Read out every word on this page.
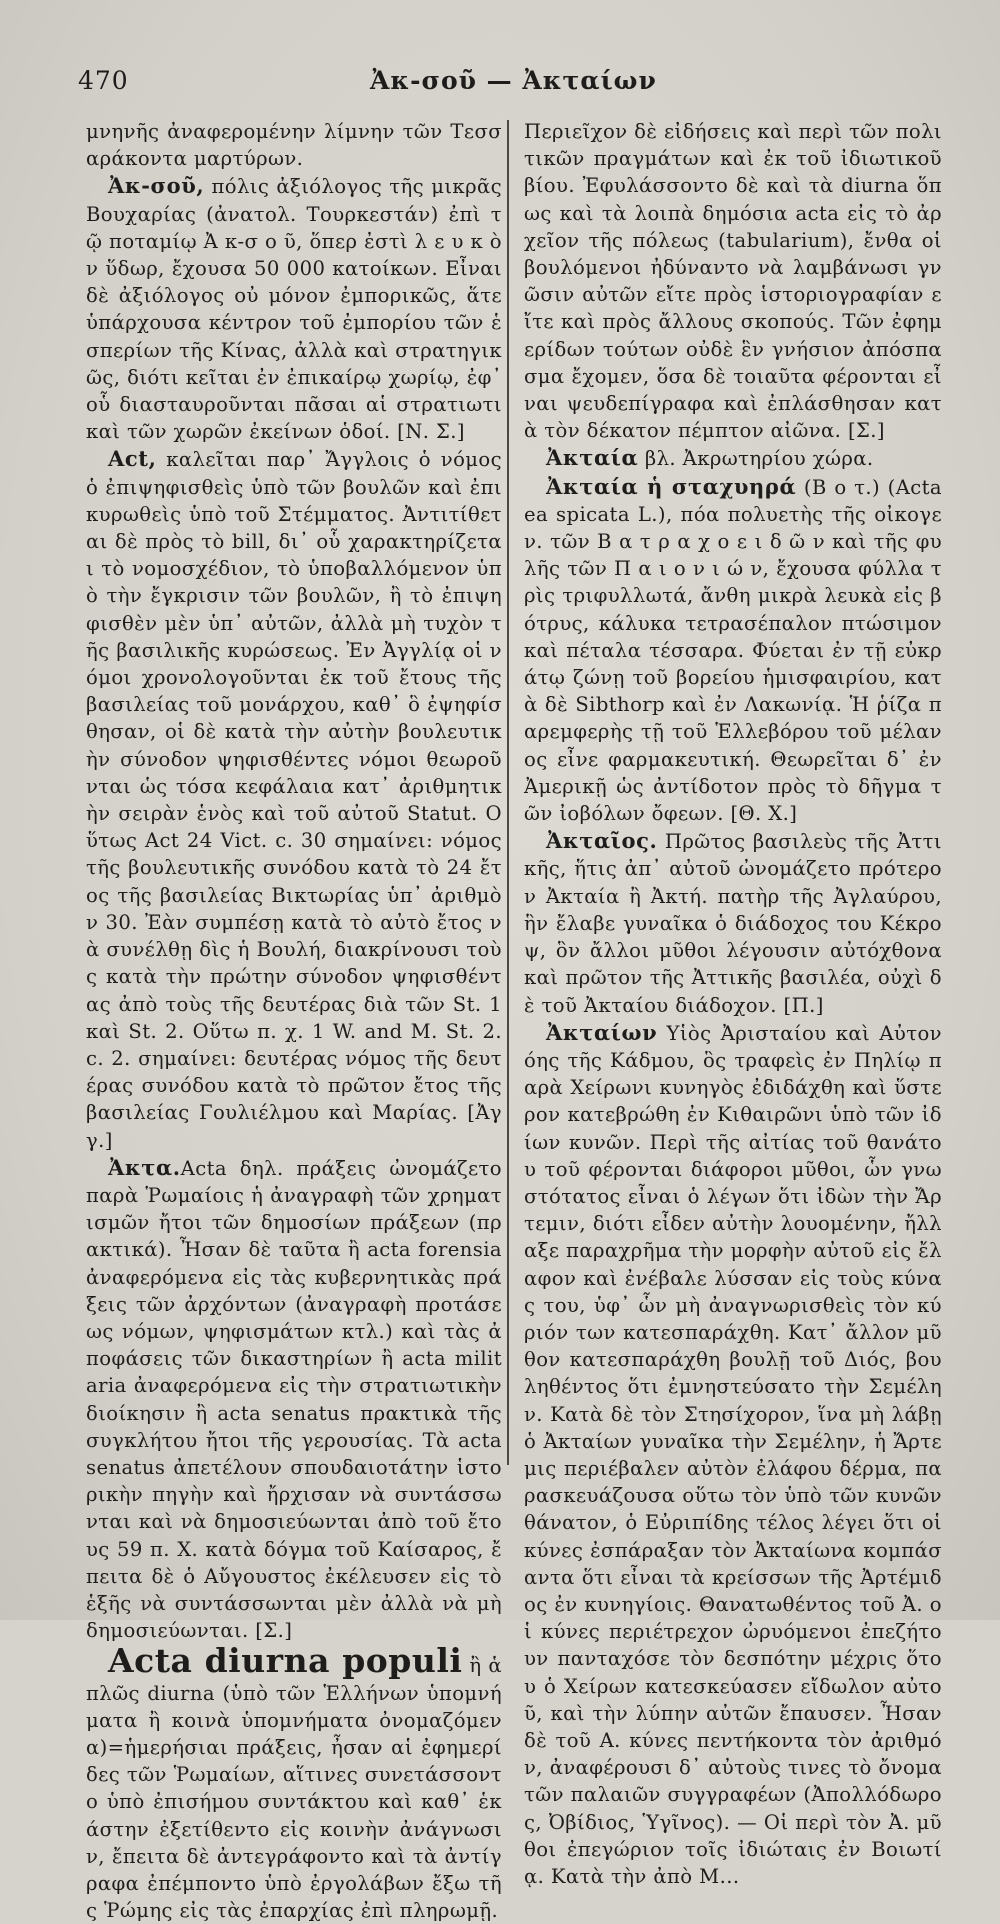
470	Ἀκ-σοῦ — Ἀκταίων

μνηνῆς ἀναφερομένην λίμνην τῶν Τεσσαράκοντα μαρτύρων.

Ἀκ-σοῦ, πόλις ἀξιόλογος τῆς μικρᾶς Βουχαρίας (ἀνατολ. Τουρκεστάν) ἐπὶ τῷ ποταμίῳ Ἀ κ-σ ο ῦ, ὅπερ ἐστὶ λ ε υ κ ὸ ν ὕδωρ, ἔχουσα 50 000 κατοίκων. Εἶναι δὲ ἀξιόλογος οὐ μόνον ἐμπορικῶς, ἅτε ὑπάρχουσα κέντρον τοῦ ἐμπορίου τῶν ἑσπερίων τῆς Κίνας, ἀλλὰ καὶ στρατηγικῶς, διότι κεῖται ἐν ἐπικαίρῳ χωρίῳ, ἐφ᾽ οὗ διασταυροῦνται πᾶσαι αἱ στρατιωτικαὶ τῶν χωρῶν ἐκείνων ὁδοί. [Ν. Σ.]

Act, καλεῖται παρ᾽ Ἄγγλοις ὁ νόμος ὁ ἐπιψηφισθεὶς ὑπὸ τῶν βουλῶν καὶ ἐπικυρωθεὶς ὑπὸ τοῦ Στέμματος. Ἀντιτίθεται δὲ πρὸς τὸ bill, δι᾽ οὗ χαρακτηρίζεται τὸ νομοσχέδιον, τὸ ὑποβαλλόμενον ὑπὸ τὴν ἔγκρισιν τῶν βουλῶν, ἢ τὸ ἐπιψηφισθὲν μὲν ὑπ᾽ αὐτῶν, ἀλλὰ μὴ τυχὸν τῆς βασιλικῆς κυρώσεως. Ἐν Ἀγγλίᾳ οἱ νόμοι χρονολογοῦνται ἐκ τοῦ ἔτους τῆς βασιλείας τοῦ μονάρχου, καθ᾽ ὃ ἐψηφίσθησαν, οἱ δὲ κατὰ τὴν αὐτὴν βουλευτικὴν σύνοδον ψηφισθέντες νόμοι θεωροῦνται ὡς τόσα κεφάλαια κατ᾽ ἀριθμητικὴν σειρὰν ἑνὸς καὶ τοῦ αὐτοῦ Statut. Οὕτως Act 24 Vict. c. 30 σημαίνει: νόμος τῆς βουλευτικῆς συνόδου κατὰ τὸ 24 ἔτος τῆς βασιλείας Βικτωρίας ὑπ᾽ ἀριθμὸν 30. Ἐὰν συμπέσῃ κατὰ τὸ αὐτὸ ἔτος νὰ συνέλθῃ δὶς ἡ Βουλή, διακρίνουσι τοὺς κατὰ τὴν πρώτην σύνοδον ψηφισθέντας ἀπὸ τοὺς τῆς δευτέρας διὰ τῶν St. 1 καὶ St. 2. Οὕτω π. χ. 1 W. and M. St. 2. c. 2. σημαίνει: δευτέρας νόμος τῆς δευτέρας συνόδου κατὰ τὸ πρῶτον ἔτος τῆς βασιλείας Γουλιέλμου καὶ Μαρίας. [Ἀγγ.]

Ἀκτα.Acta δηλ. πράξεις ὠνομάζετο παρὰ Ῥωμαίοις ἡ ἀναγραφὴ τῶν χρηματισμῶν ἤτοι τῶν δημοσίων πράξεων (πρακτικά). Ἦσαν δὲ ταῦτα ἢ acta forensia ἀναφερόμενα εἰς τὰς κυβερνητικὰς πράξεις τῶν ἀρχόντων (ἀναγραφὴ προτάσεως νόμων, ψηφισμάτων κτλ.) καὶ τὰς ἀποφάσεις τῶν δικαστηρίων ἢ acta militaria ἀναφερόμενα εἰς τὴν στρατιωτικὴν διοίκησιν ἢ acta senatus πρακτικὰ τῆς συγκλήτου ἤτοι τῆς γερουσίας. Τὰ acta senatus ἀπετέλουν σπουδαιοτάτην ἱστορικὴν πηγὴν καὶ ἤρχισαν νὰ συντάσσωνται καὶ νὰ δημοσιεύωνται ἀπὸ τοῦ ἔτους 59 π. Χ. κατὰ δόγμα τοῦ Καίσαρος, ἔπειτα δὲ ὁ Αὔγουστος ἐκέλευσεν εἰς τὸ ἑξῆς νὰ συντάσσωνται μὲν ἀλλὰ νὰ μὴ δημοσιεύωνται. [Σ.]

Acta diurna populi ἢ ἁπλῶς diurna (ὑπὸ τῶν Ἑλλήνων ὑπομνήματα ἢ κοινὰ ὑπομνήματα ὀνομαζόμενα)=ἡμερήσιαι πράξεις, ἦσαν αἱ ἐφημερίδες τῶν Ῥωμαίων, αἵτινες συνετάσσοντο ὑπὸ ἐπισήμου συντάκτου καὶ καθ᾽ ἑκάστην ἐξετίθεντο εἰς κοινὴν ἀνάγνωσιν, ἔπειτα δὲ ἀντεγράφοντο καὶ τὰ ἀντίγραφα ἐπέμποντο ὑπὸ ἐργολάβων ἔξω τῆς Ῥώμης εἰς τὰς ἐπαρχίας ἐπὶ πληρωμῇ.

Περιεῖχον δὲ εἰδήσεις καὶ περὶ τῶν πολιτικῶν πραγμάτων καὶ ἐκ τοῦ ἰδιωτικοῦ βίου. Ἐφυλάσσοντο δὲ καὶ τὰ diurna ὅπως καὶ τὰ λοιπὰ δημόσια acta εἰς τὸ ἀρχεῖον τῆς πόλεως (tabularium), ἔνθα οἱ βουλόμενοι ἠδύναντο νὰ λαμβάνωσι γνῶσιν αὐτῶν εἴτε πρὸς ἱστοριογραφίαν εἴτε καὶ πρὸς ἄλλους σκοπούς. Τῶν ἐφημερίδων τούτων οὐδὲ ἓν γνήσιον ἀπόσπασμα ἔχομεν, ὅσα δὲ τοιαῦτα φέρονται εἶναι ψευδεπίγραφα καὶ ἐπλάσθησαν κατὰ τὸν δέκατον πέμπτον αἰῶνα. [Σ.]

Ἀκταία βλ. Ἀκρωτηρίου χώρα.

Ἀκταία ἡ σταχυηρά (Β ο τ.) (Actaea spicata L.), πόα πολυετὴς τῆς οἰκογεν. τῶν Β α τ ρ α χ ο ε ι δ ῶ ν καὶ τῆς φυλῆς τῶν Π α ι ο ν ι ώ ν, ἔχουσα φύλλα τρὶς τριφυλλωτά, ἄνθη μικρὰ λευκὰ εἰς βότρυς, κάλυκα τετρασέπαλον πτώσιμον καὶ πέταλα τέσσαρα. Φύεται ἐν τῇ εὐκράτῳ ζώνῃ τοῦ βορείου ἡμισφαιρίου, κατὰ δὲ Sibthorp καὶ ἐν Λακωνίᾳ. Ἡ ῥίζα παρεμφερὴς τῇ τοῦ Ἑλλεβόρου τοῦ μέλανος εἶνε φαρμακευτική. Θεωρεῖται δ᾽ ἐν Ἀμερικῇ ὡς ἀντίδοτον πρὸς τὸ δῆγμα τῶν ἰοβόλων ὄφεων. [Θ. Χ.]

Ἀκταῖος. Πρῶτος βασιλεὺς τῆς Ἀττικῆς, ἥτις ἀπ᾽ αὐτοῦ ὠνομάζετο πρότερον Ἀκταία ἢ Ἀκτή. πατὴρ τῆς Ἀγλαύρου, ἣν ἔλαβε γυναῖκα ὁ διάδοχος του Κέκροψ, ὃν ἄλλοι μῦθοι λέγουσιν αὐτόχθονα καὶ πρῶτον τῆς Ἀττικῆς βασιλέα, οὐχὶ δὲ τοῦ Ἀκταίου διάδοχον. [Π.]

Ἀκταίων Υἱὸς Ἀρισταίου καὶ Αὐτονόης τῆς Κάδμου, ὃς τραφεὶς ἐν Πηλίῳ παρὰ Χείρωνι κυνηγὸς ἐδιδάχθη καὶ ὕστερον κατεβρώθη ἐν Κιθαιρῶνι ὑπὸ τῶν ἰδίων κυνῶν. Περὶ τῆς αἰτίας τοῦ θανάτου τοῦ φέρονται διάφοροι μῦθοι, ὧν γνωστότατος εἶναι ὁ λέγων ὅτι ἰδὼν τὴν Ἄρτεμιν, διότι εἶδεν αὐτὴν λουομένην, ἤλλαξε παραχρῆμα τὴν μορφὴν αὐτοῦ εἰς ἔλαφον καὶ ἐνέβαλε λύσσαν εἰς τοὺς κύνας του, ὑφ᾽ ὧν μὴ ἀναγνωρισθεὶς τὸν κύριόν των κατεσπαράχθη. Κατ᾽ ἄλλον μῦθον κατεσπαράχθη βουλῇ τοῦ Διός, βουληθέντος ὅτι ἐμνηστεύσατο τὴν Σεμέλην. Κατὰ δὲ τὸν Στησίχορον, ἵνα μὴ λάβῃ ὁ Ἀκταίων γυναῖκα τὴν Σεμέλην, ἡ Ἄρτεμις περιέβαλεν αὐτὸν ἐλάφου δέρμα, παρασκευάζουσα οὕτω τὸν ὑπὸ τῶν κυνῶν θάνατον, ὁ Εὐριπίδης τέλος λέγει ὅτι οἱ κύνες ἐσπάραξαν τὸν Ἀκταίωνα κομπάσαντα ὅτι εἶναι τὰ κρείσσων τῆς Ἀρτέμιδος ἐν κυνηγίοις. Θανατωθέντος τοῦ Ἀ. οἱ κύνες περιέτρεχον ὠρυόμενοι ἐπεζήτουν πανταχόσε τὸν δεσπότην μέχρις ὅτου ὁ Χείρων κατεσκεύασεν εἴδωλον αὐτοῦ, καὶ τὴν λύπην αὐτῶν ἔπαυσεν. Ἦσαν δὲ τοῦ Α. κύνες πεντήκοντα τὸν ἀριθμόν, ἀναφέρουσι δ᾽ αὐτοὺς τινες τὸ ὄνομα τῶν παλαιῶν συγγραφέων (Ἀπολλόδωρος, Ὀβίδιος, Ὑγῖνος). — Οἱ περὶ τὸν Ἀ. μῦθοι ἐπεγώριον τοῖς ἰδιώταις ἐν Βοιωτίᾳ. Κατὰ τὴν ἀπὸ Μ...
